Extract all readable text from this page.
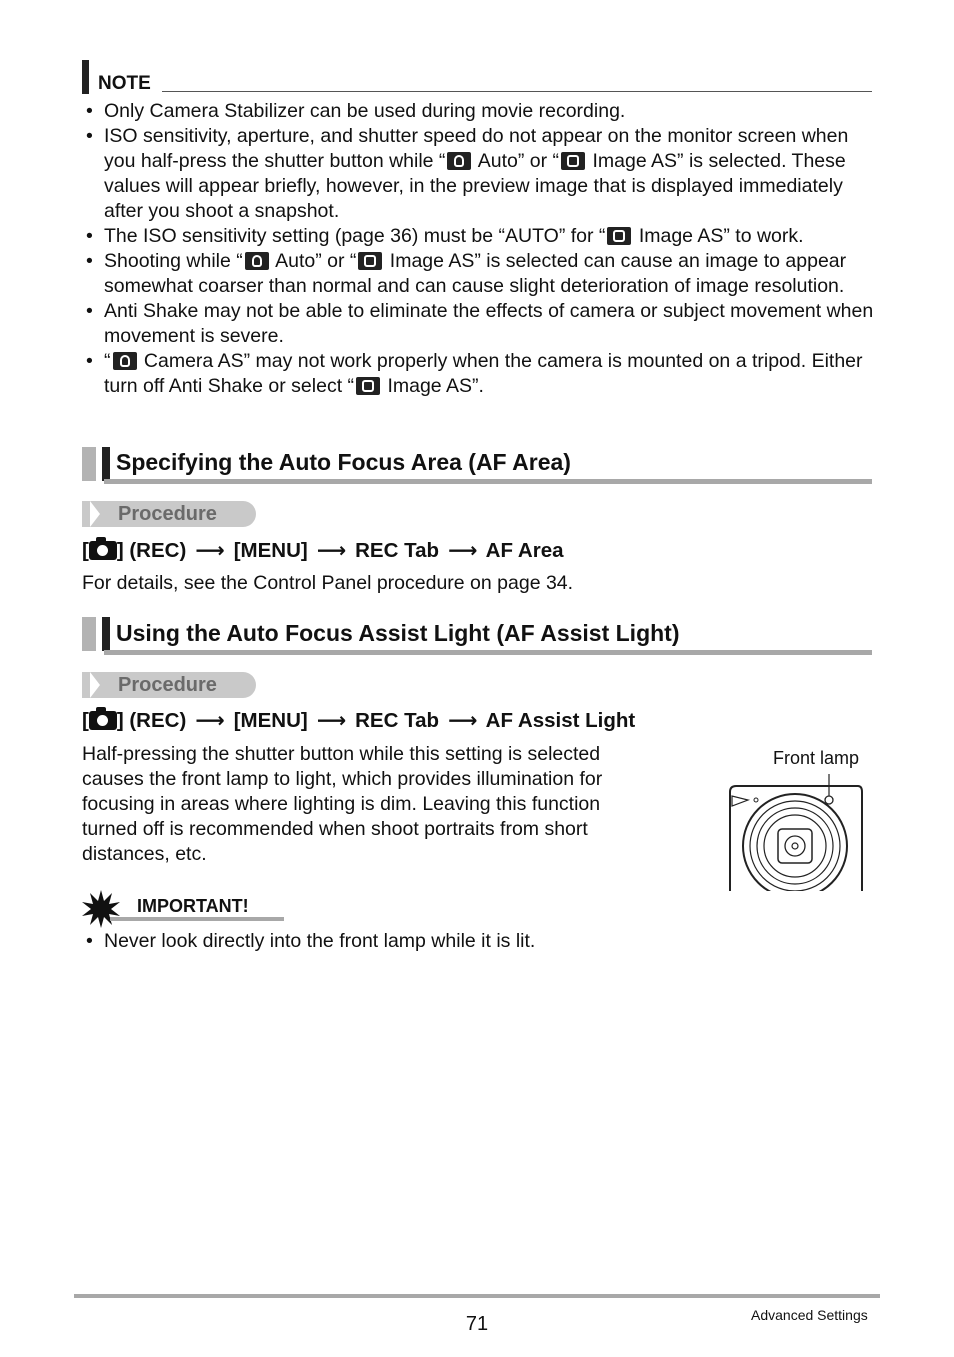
NOTE
• Only Camera Stabilizer can be used during movie recording.
• ISO sensitivity, aperture, and shutter speed do not appear on the monitor screen when you half-press the shutter button while “ Auto” or “ Image AS” is selected. These values will appear briefly, however, in the preview image that is displayed immediately after you shoot a snapshot.
• The ISO sensitivity setting (page 36) must be “AUTO” for “ Image AS” to work.
• Shooting while “ Auto” or “ Image AS” is selected can cause an image to appear somewhat coarser than normal and can cause slight deterioration of image resolution.
• Anti Shake may not be able to eliminate the effects of camera or subject movement when movement is severe.
• “ Camera AS” may not work properly when the camera is mounted on a tripod. Either turn off Anti Shake or select “ Image AS”.
Specifying the Auto Focus Area (AF Area)
Procedure
[ ] (REC) ⟶ [MENU] ⟶ REC Tab ⟶ AF Area
For details, see the Control Panel procedure on page 34.
Using the Auto Focus Assist Light (AF Assist Light)
Procedure
[ ] (REC) ⟶ [MENU] ⟶ REC Tab ⟶ AF Assist Light
Half-pressing the shutter button while this setting is selected
causes the front lamp to light, which provides illumination for
focusing in areas where lighting is dim. Leaving this function
turned off is recommended when shoot portraits from short
distances, etc.
Front lamp
IMPORTANT!
• Never look directly into the front lamp while it is lit.
71	Advanced Settings
